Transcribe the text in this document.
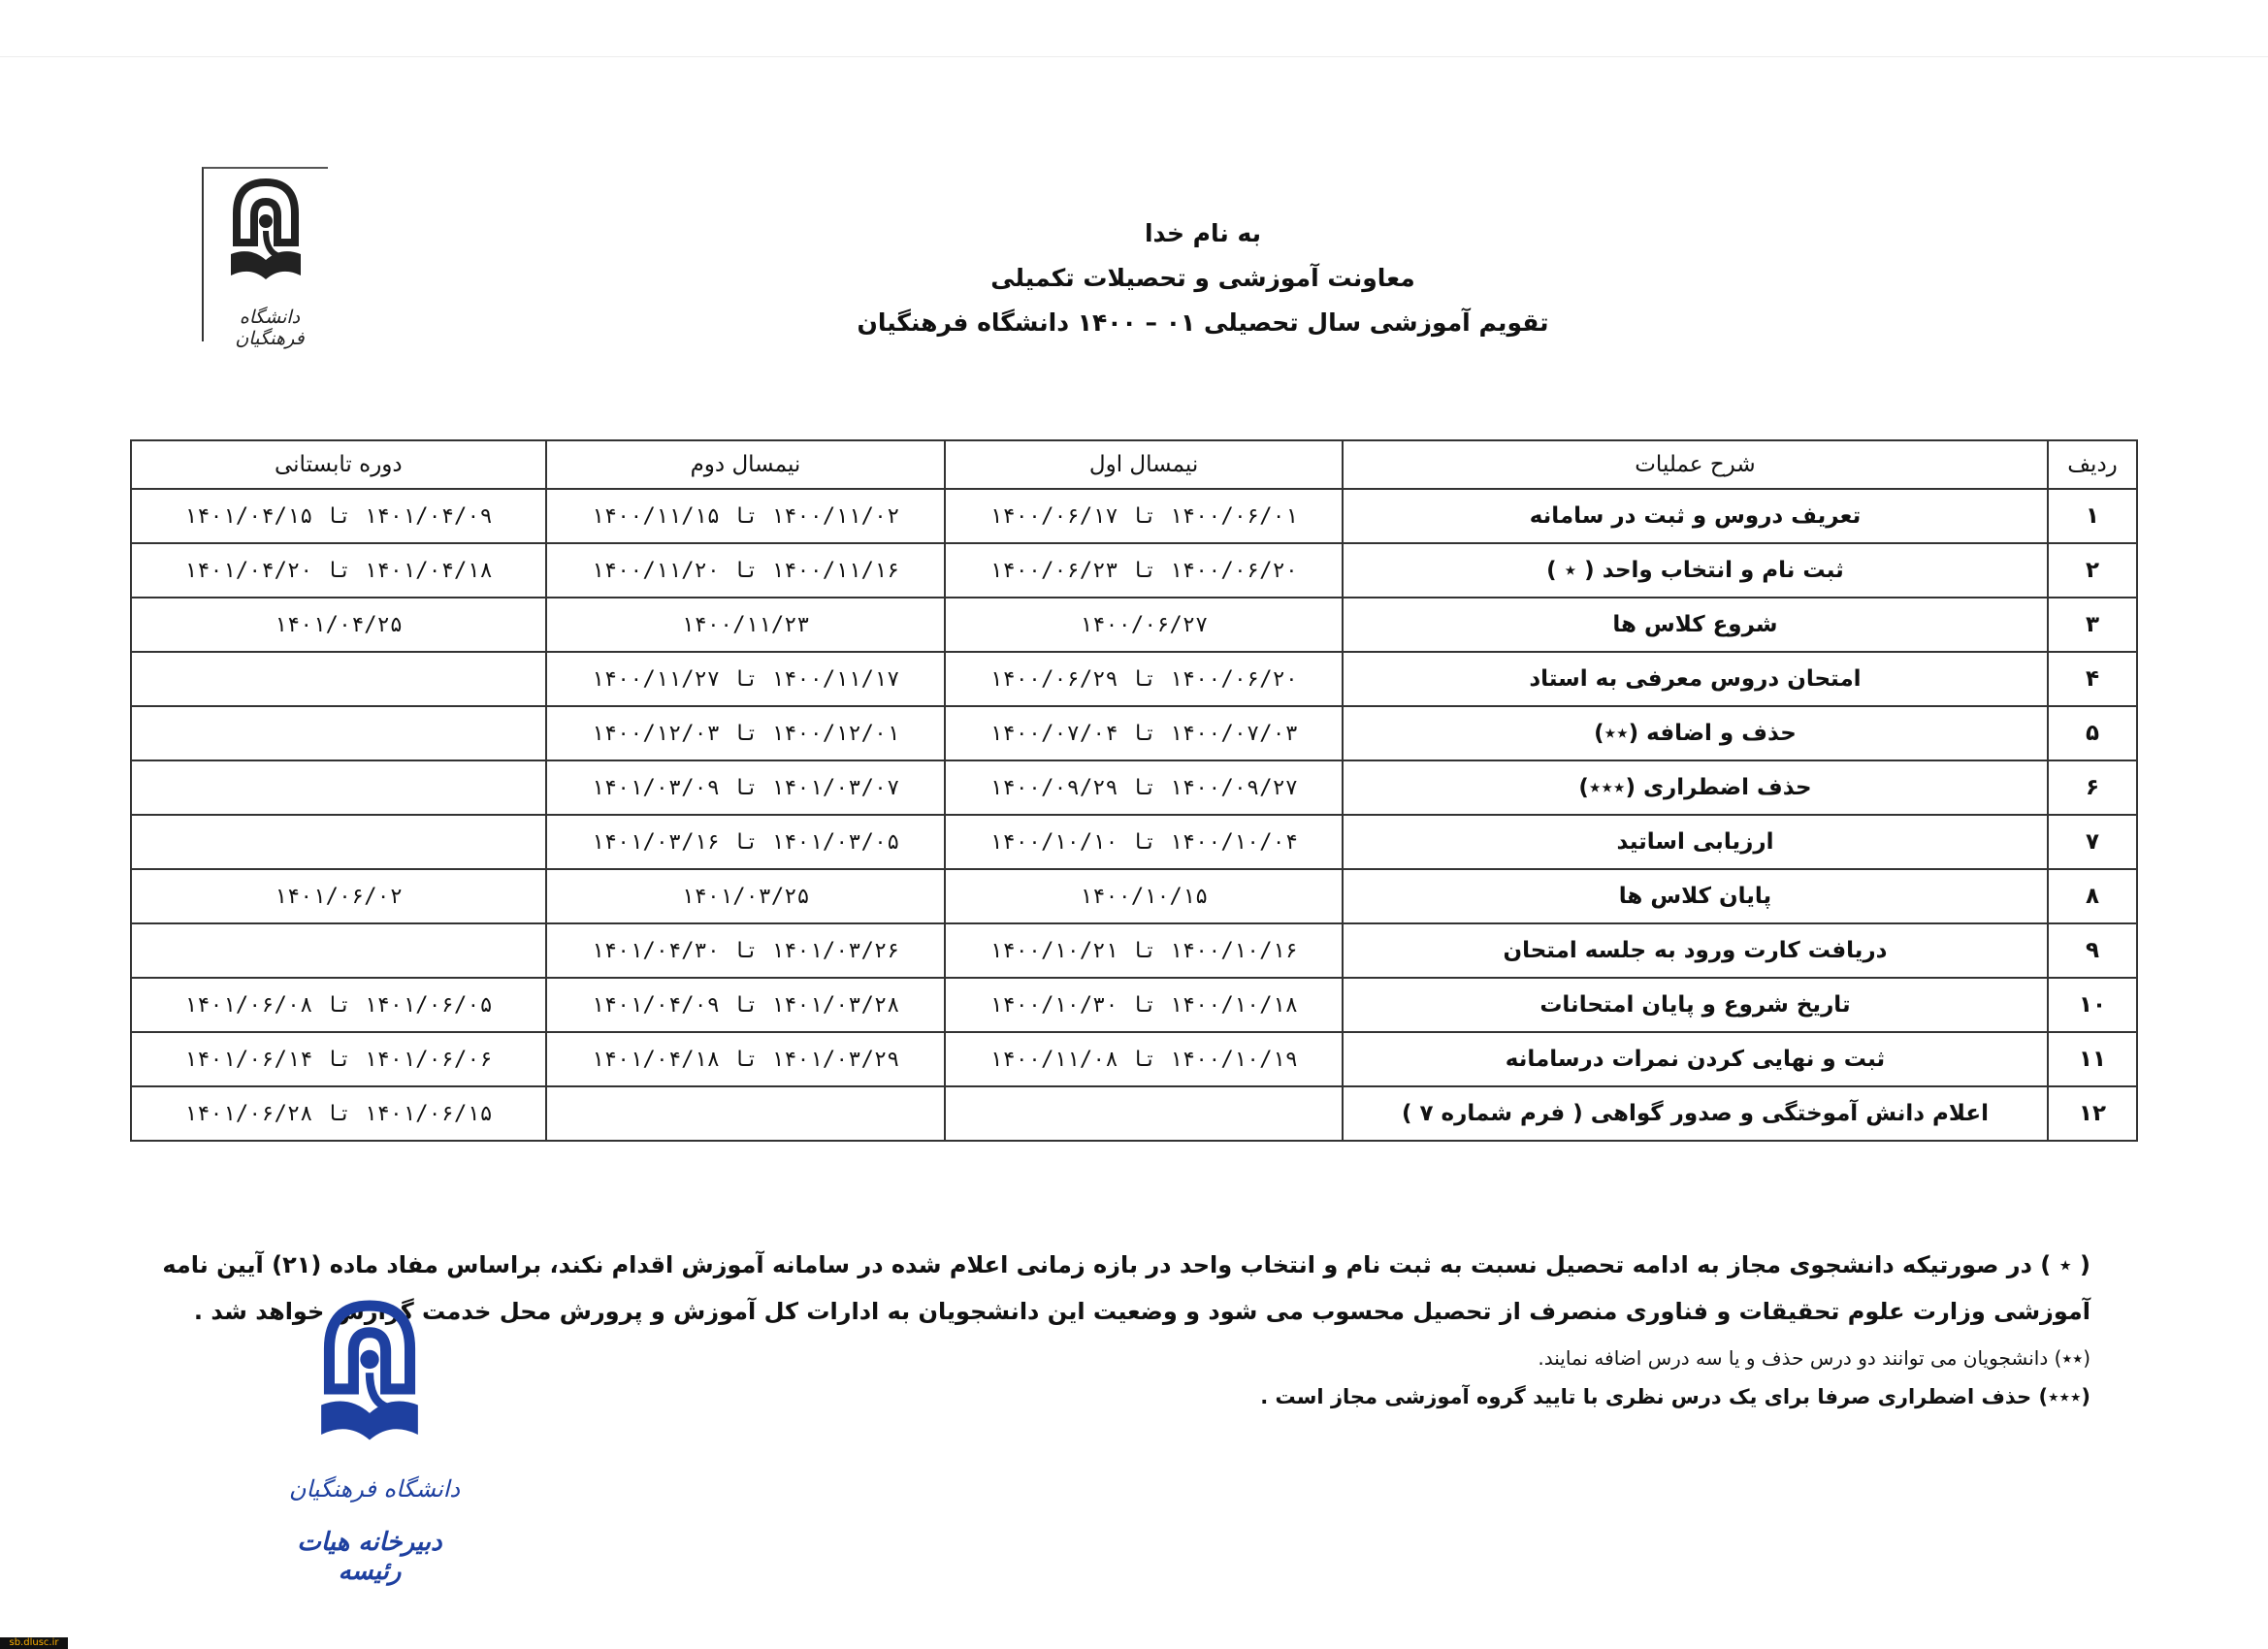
دانشگاه فرهنگیان
به نام خدا
معاونت آموزشی و تحصیلات تکمیلی
تقویم آموزشی سال تحصیلی ۰۱ – ۱۴۰۰ دانشگاه فرهنگیان
ردیف	شرح عملیات	نیمسال اول	نیمسال دوم	دوره تابستانی
۱	تعریف دروس و ثبت در سامانه	۱۴۰۰/۰۶/۰۱ تا ۱۴۰۰/۰۶/۱۷	۱۴۰۰/۱۱/۰۲ تا ۱۴۰۰/۱۱/۱۵	۱۴۰۱/۰۴/۰۹ تا ۱۴۰۱/۰۴/۱۵
۲	ثبت نام و انتخاب واحد ( ٭ )	۱۴۰۰/۰۶/۲۰ تا ۱۴۰۰/۰۶/۲۳	۱۴۰۰/۱۱/۱۶ تا ۱۴۰۰/۱۱/۲۰	۱۴۰۱/۰۴/۱۸ تا ۱۴۰۱/۰۴/۲۰
۳	شروع کلاس ها	۱۴۰۰/۰۶/۲۷	۱۴۰۰/۱۱/۲۳	۱۴۰۱/۰۴/۲۵
۴	امتحان دروس معرفی به استاد	۱۴۰۰/۰۶/۲۰ تا ۱۴۰۰/۰۶/۲۹	۱۴۰۰/۱۱/۱۷ تا ۱۴۰۰/۱۱/۲۷	
۵	حذف و اضافه (٭٭)	۱۴۰۰/۰۷/۰۳ تا ۱۴۰۰/۰۷/۰۴	۱۴۰۰/۱۲/۰۱ تا ۱۴۰۰/۱۲/۰۳	
۶	حذف اضطراری (٭٭٭)	۱۴۰۰/۰۹/۲۷ تا ۱۴۰۰/۰۹/۲۹	۱۴۰۱/۰۳/۰۷ تا ۱۴۰۱/۰۳/۰۹	
۷	ارزیابی اساتید	۱۴۰۰/۱۰/۰۴ تا ۱۴۰۰/۱۰/۱۰	۱۴۰۱/۰۳/۰۵ تا ۱۴۰۱/۰۳/۱۶	
۸	پایان کلاس ها	۱۴۰۰/۱۰/۱۵	۱۴۰۱/۰۳/۲۵	۱۴۰۱/۰۶/۰۲
۹	دریافت کارت ورود به جلسه امتحان	۱۴۰۰/۱۰/۱۶ تا ۱۴۰۰/۱۰/۲۱	۱۴۰۱/۰۳/۲۶ تا ۱۴۰۱/۰۴/۳۰	
۱۰	تاریخ شروع و پایان امتحانات	۱۴۰۰/۱۰/۱۸ تا ۱۴۰۰/۱۰/۳۰	۱۴۰۱/۰۳/۲۸ تا ۱۴۰۱/۰۴/۰۹	۱۴۰۱/۰۶/۰۵ تا ۱۴۰۱/۰۶/۰۸
۱۱	ثبت و نهایی کردن نمرات درسامانه	۱۴۰۰/۱۰/۱۹ تا ۱۴۰۰/۱۱/۰۸	۱۴۰۱/۰۳/۲۹ تا ۱۴۰۱/۰۴/۱۸	۱۴۰۱/۰۶/۰۶ تا ۱۴۰۱/۰۶/۱۴
۱۲	اعلام دانش آموختگی و صدور گواهی ( فرم شماره ۷ )			۱۴۰۱/۰۶/۱۵ تا ۱۴۰۱/۰۶/۲۸
( ٭ ) در صورتیکه دانشجوی مجاز به ادامه تحصیل نسبت به ثبت نام و انتخاب واحد در بازه زمانی اعلام شده در سامانه آموزش اقدام نکند، براساس مفاد ماده (۲۱) آیین نامه آموزشی وزارت علوم تحقیقات و فناوری منصرف از تحصیل محسوب می شود و وضعیت این دانشجویان به ادارات کل آموزش و پرورش محل خدمت گزارش خواهد شد .
(٭٭) دانشجویان می توانند دو درس حذف و یا سه درس اضافه نمایند.
(٭٭٭) حذف اضطراری صرفا برای یک درس نظری با تایید گروه آموزشی مجاز است .
دانشگاه فرهنگیان
دبیرخانه هیات رئیسه
sb.dlusc.ir
